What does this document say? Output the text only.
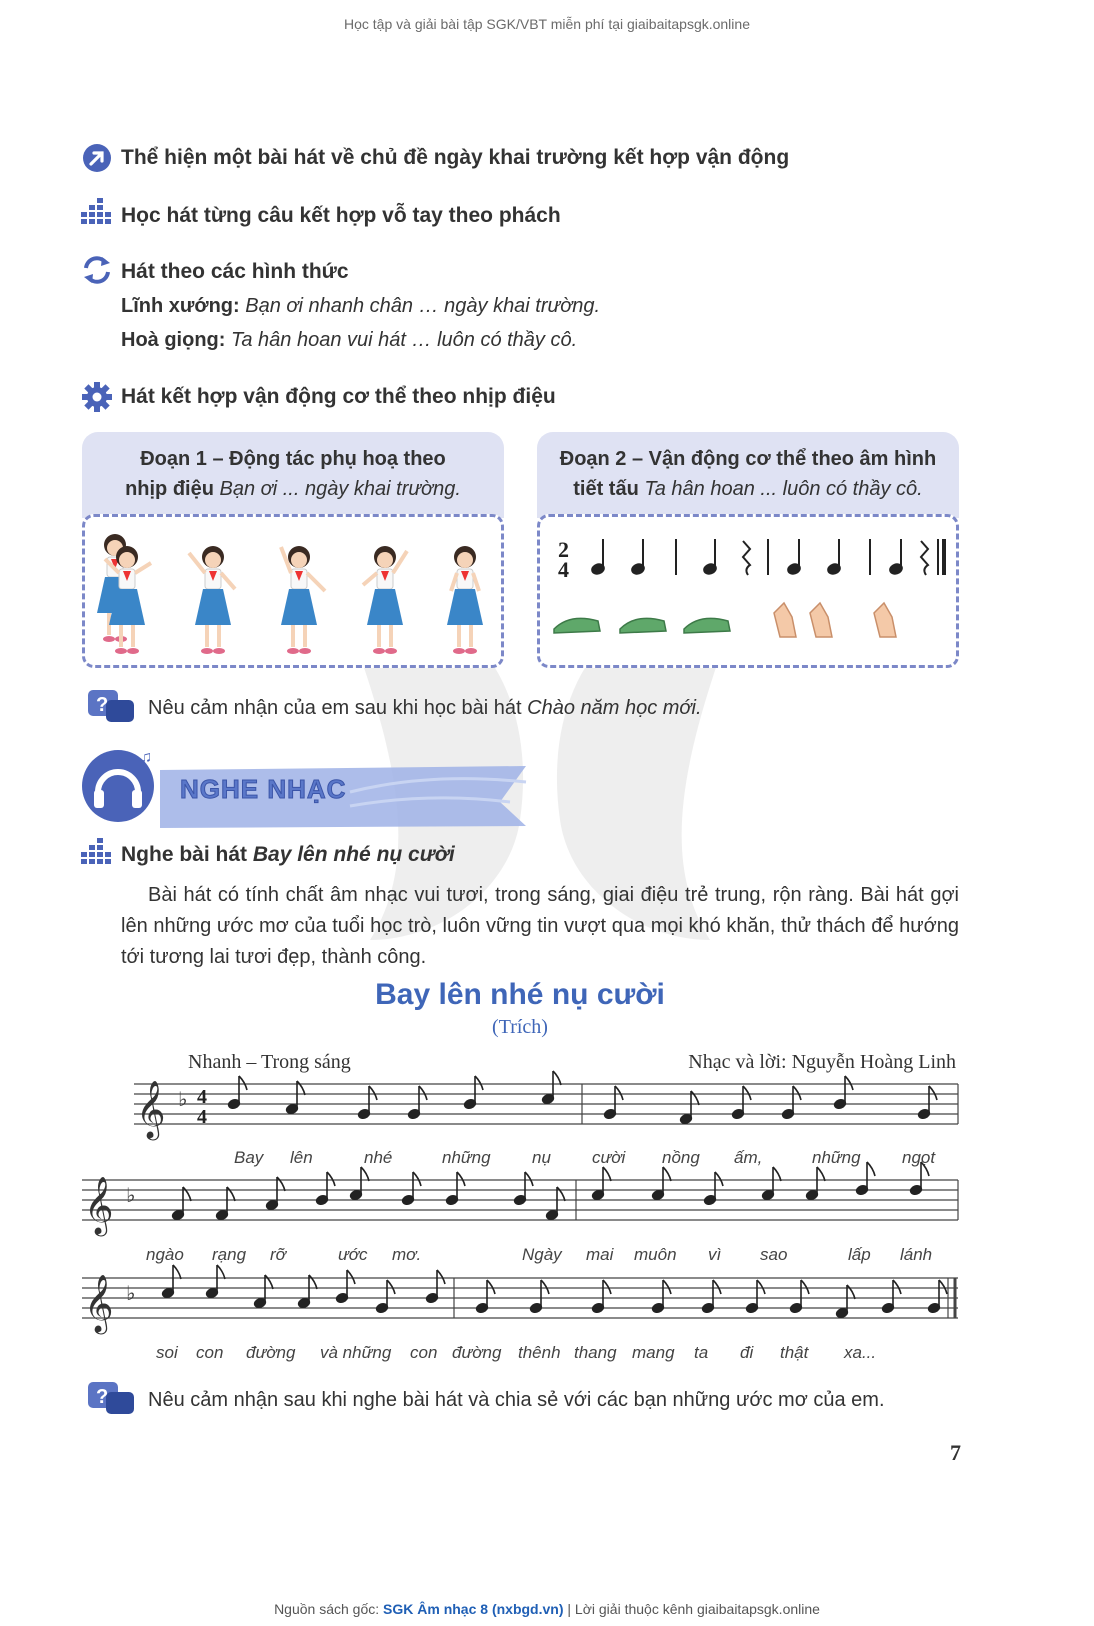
Học tập và giải bài tập SGK/VBT miễn phí tại giaibaitapsgk.online
Thể hiện một bài hát về chủ đề ngày khai trường kết hợp vận động
Học hát từng câu kết hợp vỗ tay theo phách
Hát theo các hình thức
Lĩnh xướng: Bạn ơi nhanh chân … ngày khai trường.
Hoà giọng: Ta hân hoan vui hát … luôn có thầy cô.
Hát kết hợp vận động cơ thể theo nhịp điệu
Đoạn 1 – Động tác phụ hoạ theo
nhịp điệu Bạn ơi ... ngày khai trường.
Đoạn 2 – Vận động cơ thể theo âm hình
tiết tấu Ta hân hoan ... luôn có thầy cô.
2
4
? Nêu cảm nhận của em sau khi học bài hát Chào năm học mới.
♫
NGHE NHẠC
Nghe bài hát Bay lên nhé nụ cười
Bài hát có tính chất âm nhạc vui tươi, trong sáng, giai điệu trẻ trung, rộn ràng. Bài hát gợi lên những ước mơ của tuổi học trò, luôn vững tin vượt qua mọi khó khăn, thử thách để hướng tới tương lai tươi đẹp, thành công.
Bay lên nhé nụ cười
(Trích)
Nhanh – Trong sáng	Nhạc và lời: Nguyễn Hoàng Linh
𝄞
𝄞
𝄞
♭
♭
♭
4
4
Bay lên	nhé	những nụ cười nồng ấm,	những ngọt
ngào rạng rỡ	ước mơ.	Ngày mai muôn vì sao	lấp lánh
soi con đường và những con đường thênh thang mang ta đi thật xa...
? Nêu cảm nhận sau khi nghe bài hát và chia sẻ với các bạn những ước mơ của em.
7
Nguồn sách gốc: SGK Âm nhạc 8 (nxbgd.vn) | Lời giải thuộc kênh giaibaitapsgk.online
